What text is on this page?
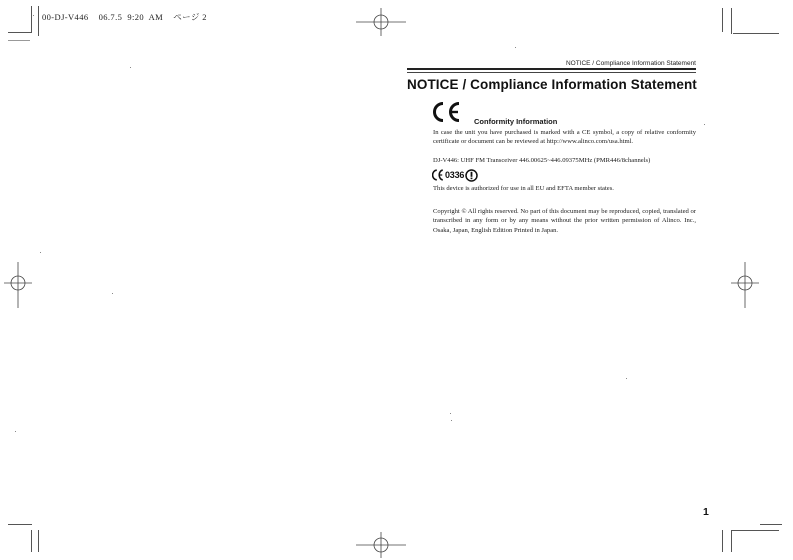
00-DJ-V446 06.7.5 9:20 AM ページ 2
NOTICE / Compliance Information Statement
NOTICE / Compliance Information Statement
Conformity Information
In case the unit you have purchased is marked with a CE symbol, a copy of relative conformity certificate or document can be reviewed at http://www.alinco.com/usa.html.
DJ-V446: UHF FM Transceiver 446.00625~446.09375MHz (PMR446/8channels)
0336
This device is authorized for use in all EU and EFTA member states.
Copyright © All rights reserved. No part of this document may be reproduced, copied, translated or transcribed in any form or by any means without the prior written permission of Alinco. Inc., Osaka, Japan, English Edition Printed in Japan.
1
